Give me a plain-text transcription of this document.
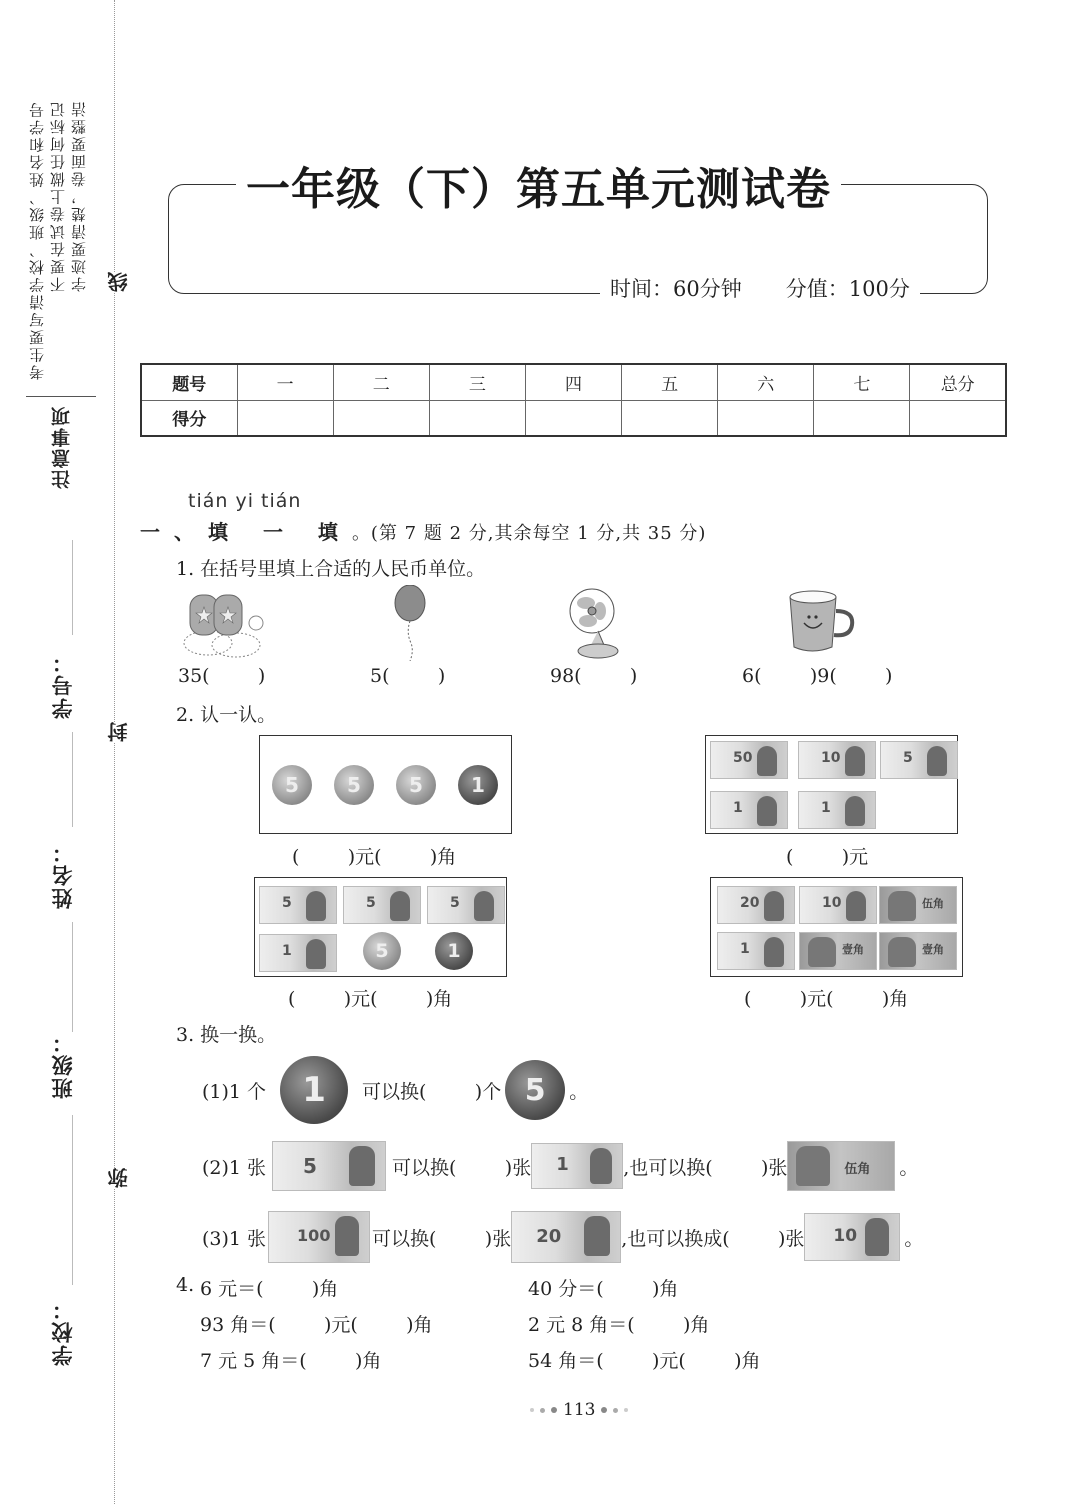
考生要写清学校、班级、姓名和学号 不要在试卷上做任何标记 字迹要清楚，卷面要整洁
注意事项
线
封
弥
学号：
姓名：
班级：
学校：
一年级（下）第五单元测试卷
时间：60分钟 分值：100分
题号	一	二	三	四	五	六	七	总分
得分								
tián yi tián
一、填 一 填。(第 7 题 2 分,其余每空 1 分,共 35 分)
1. 在括号里填上合适的人民币单位。
35(        )	5(        )	98(        )	6(        )9(        )
2. 认一认。
5	5	5	1
(        )元(        )角
50	10	5
1	1
(        )元
5	5	5
1	5	1
(        )元(        )角
20	10	伍角
1	壹角	壹角
(        )元(        )角
3. 换一换。
(1)1 个	1	可以换(        )个 5	。
(2)1 张 5	可以换(        )张 1	,也可以换(        )张	伍角 。
(3)1 张 100 可以换(        )张 20	,也可以换成(        )张 10 。
4. 6 元＝(        )角	40 分＝(        )角
93 角＝(        )元(        )角	2 元 8 角＝(        )角
7 元 5 角＝(        )角	54 角＝(        )元(        )角
113
